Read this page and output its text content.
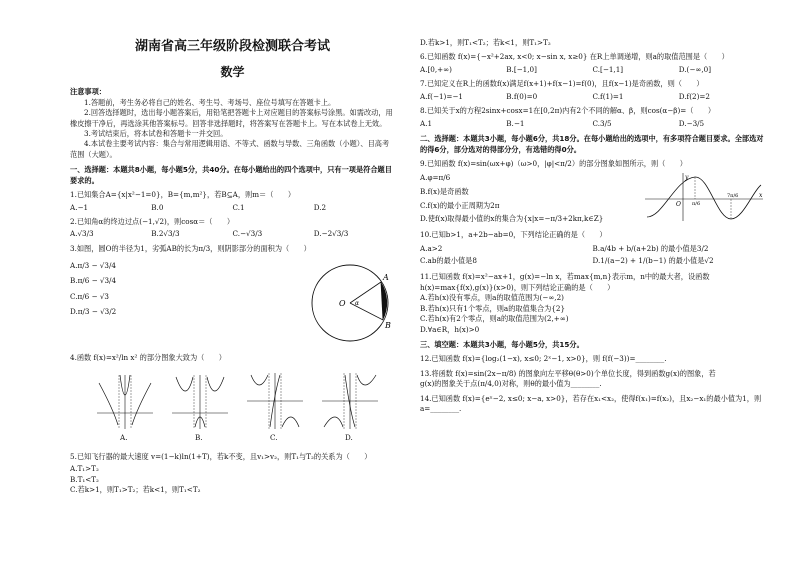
湖南省高三年级阶段检测联合考试
数学

注意事项：

1.答题前，考生务必将自己的姓名、考生号、考场号、座位号填写在答题卡上。

2.回答选择题时，选出每小题答案后，用铅笔把答题卡上对应题目的答案标号涂黑。如需改动，用橡皮擦干净后，再选涂其他答案标号。回答非选择题时，将答案写在答题卡上。写在本试卷上无效。

3.考试结束后，将本试卷和答题卡一并交回。

4.本试卷主要考试内容：集合与常用逻辑用语、不等式、函数与导数、三角函数（小题）、目高考范围（大题）。

一、选择题：本题共8小题，每小题5分，共40分。在每小题给出的四个选项中，只有一项是符合题目要求的。

1.已知集合A={x|x²−1=0}，B={m,m²}，若B⊆A，则m＝（　　）

A.−1	B.0	C.1	D.2

2.已知角α的终边过点(−1,√2)，则cosα＝（　　）

A.√3/3	B.2√3/3	C.−√3/3	D.−2√3/3

3.如图，圆O的半径为1，劣弧AB的长为π/3，则阴影部分的面积为（　　）

A.π/3 − √3/4
B.π/6 − √3/4
C.π/6 − √3
D.π/3 − √3/2
O α
A
B

4.函数 f(x)=x²/ln x² 的部分图象大致为（　　）

A.	B.	C.	D.

5.已知飞行器的最大速度 v=(1−k)ln(1+T)，若k不变，且v₁>v₂，则T₁与T₂的关系为（　　）

A.T₁>T₂
B.T₁<T₂
C.若k>1，则T₁>T₂；若k<1，则T₁<T₂

D.若k>1，则T₁<T₂；若k<1，则T₁>T₂

6.已知函数 f(x)={−x²+2ax, x<0; x−sin x, x≥0} 在R上单调递增，则a的取值范围是（　　）

A.[0,+∞)	B.[−1,0]	C.[−1,1]	D.(−∞,0]

7.已知定义在R上的函数f(x)满足f(x+1)+f(x−1)=f(0)，且f(x−1)是奇函数，则（　　）

A.f(−1)=−1	B.f(0)=0	C.f(1)=1	D.f(2)=2

8.已知关于x的方程2sinx+cosx=1在[0,2π)内有2个不同的解α、β，则cos(α−β)=（　　）

A.1	B.−1	C.3/5	D.−3/5

二、选择题：本题共3小题，每小题6分，共18分。在每小题给出的选项中，有多项符合题目要求。全部选对的得6分，部分选对的得部分分，有选错的得0分。

9.已知函数 f(x)=sin(ωx+φ)（ω>0，|φ|<π/2）的部分图象如图所示，则（　　）

A.φ=π/6
B.f(x)是奇函数
C.f(x)的最小正周期为2π
D.使f(x)取得最小值的x的集合为{x|x=−π/3+2kπ,k∈Z}
O π/6
7π/6	x
y

10.已知b>1，a+2b−ab=0，下列结论正确的是（　　）

A.a>2	B.a/4b + b/(a+2b) 的最小值是3/2
C.ab的最小值是8	D.1/(a−2) + 1/(b−1) 的最小值是√2

11.已知函数 f(x)=x²−ax+1，g(x)=−ln x，若max{m,n}表示m，n中的最大者，设函数 h(x)=max{f(x),g(x)}(x>0)，则下列结论正确的是（　　）

A.若h(x)没有零点，则a的取值范围为(−∞,2)
B.若h(x)只有1个零点，则a的取值集合为{2}
C.若h(x)有2个零点，则a的取值范围为(2,+∞)
D.∀a∈R，h(x)>0

三、填空题：本题共3小题，每小题5分，共15分。

12.已知函数 f(x)={log₂(1−x), x≤0; 2ˣ−1, x>0}，则 f(f(−3))=________.

13.将函数 f(x)=sin(2x−π/8) 的图象向左平移θ(θ>0)个单位长度，得到函数g(x)的图象，若

g(x)的图象关于点(π/4,0)对称，则θ的最小值为________.

14.已知函数 f(x)={eˣ−2, x≤0; x−a, x>0}，若存在x₁<x₂，使得f(x₁)=f(x₂)，且x₂−x₁的最小值为1，则

a=________.
